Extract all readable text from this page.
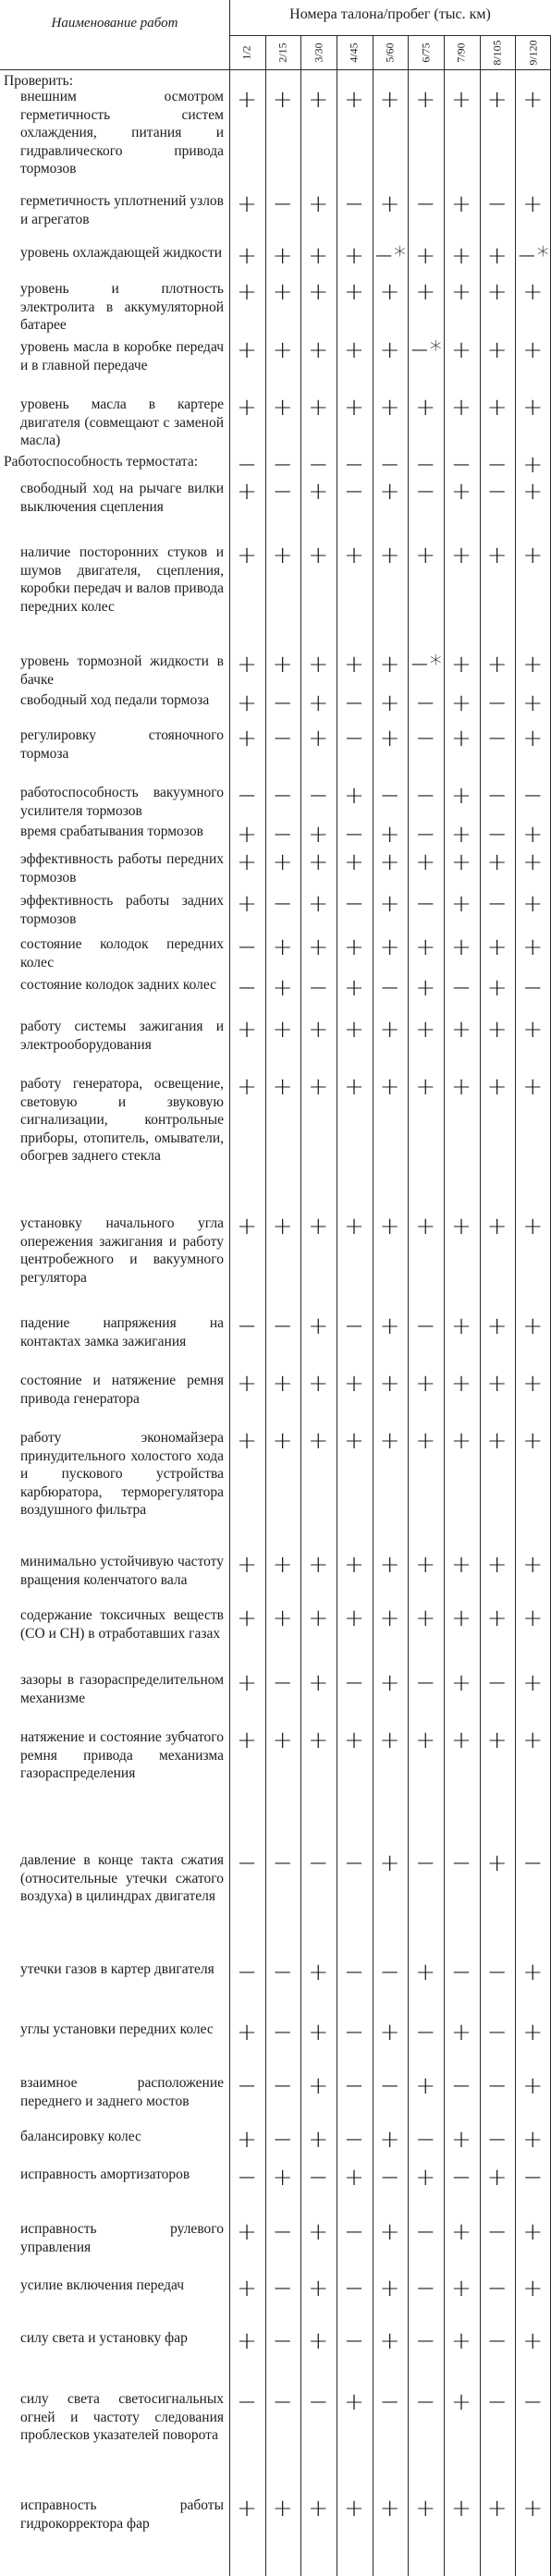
Наименование работ
Номера талона/пробег (тыс. км)
1/2 2/15 3/30 4/45 5/60 6/75 7/90 8/105 9/120
Проверить:
внешним осмотром герметичность систем охлаждения, питания и гидравлического привода тормозов
+ + + + + + + + +
герметичность уплотнений узлов и агрегатов
+ − + − + − + − +
уровень охлаждающей жидкости + + + + −* + + + −*
уровень и плотность электролита в аккумуляторной батарее
+ + + + + + + + +
уровень масла в коробке передач и в главной передаче
+ + + + + −* + + +
уровень масла в картере двигателя (совмещают с заменой масла)
+ + + + + + + + +
Работоспособность термостата:	− − − − − − − − +
свободный ход на рычаге вилки выключения сцепления
+ − + − + − + − +
наличие посторонних стуков и шумов двигателя, сцепления, коробки передач и валов привода передних колес
+ + + + + + + + +
уровень тормозной жидкости в бачке
+ + + + + −* + + +
свободный ход педали тормоза	+ − + − + − + − +
регулировку стояночного тормоза
+ − + − + − + − +
работоспособность вакуумного усилителя тормозов
− − − + − − + − −
время срабатывания тормозов	+ − + − + − + − +
эффективность работы передних тормозов
+ + + + + + + + +
эффективность работы задних тормозов
+ − + − + − + − +
состояние колодок передних колес
− + + + + + + + +
состояние колодок задних колес − + − + − + − + −
работу системы зажигания и электрооборудования
+ + + + + + + + +
работу генератора, освещение, световую и звуковую сигнализации, контрольные приборы, отопитель, омыватели, обогрев заднего стекла
+ + + + + + + + +
установку начального угла опережения зажигания и работу центробежного и вакуумного регулятора
+ + + + + + + + +
падение напряжения на контактах замка зажигания
− − + − + − + + +
состояние и натяжение ремня привода генератора
+ + + + + + + + +
работу экономайзера принудительного холостого хода и пускового устройства карбюратора, терморегулятора воздушного фильтра
+ + + + + + + + +
минимально устойчивую частоту вращения коленчатого вала
+ + + + + + + + +
содержание токсичных веществ (СО и СН) в отработавших газах
+ + + + + + + + +
зазоры в газораспределительном механизме
+ − + − + − + − +
натяжение и состояние зубчатого ремня привода механизма газораспределения
+ + + + + + + + +
давление в конце такта сжатия (относительные утечки сжатого воздуха) в цилиндрах двигателя
− − − − + − − + −
утечки газов в картер двигателя − − + − − + − − +
углы установки передних колес + − + − + − + − +
взаимное расположение переднего и заднего мостов
− − + − − + − − +
балансировку колес	+ − + − + − + − +
исправность амортизаторов	− + − + − + − + −
исправность рулевого управления
+ − + − + − + − +
усилие включения передач	+ − + − + − + − +
силу света и установку фар	+ − + − + − + − +
силу света светосигнальных огней и частоту следования проблесков указателей поворота
− − − + − − + − −
исправность работы гидрокорректора фар
+ + + + + + + + +
